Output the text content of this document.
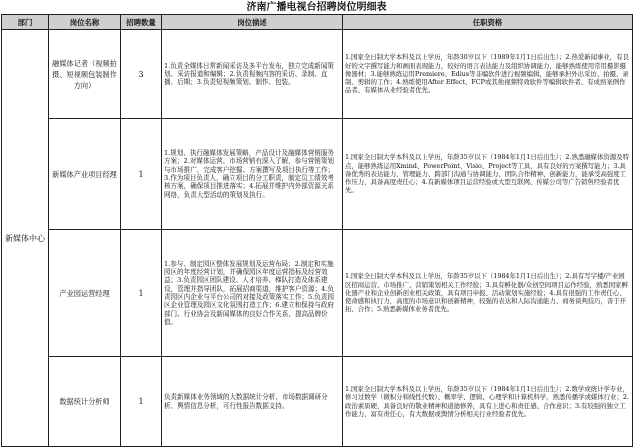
济南广播电视台招聘岗位明细表
部门	岗位名称	招聘数量	岗位描述	任职资格
新媒体中心	融媒体记者（视频拍摄、短视频包装制作方向）	3	1.负责全媒体日常新闻采访及多平台发布，独立完成新闻策划、采访报道和编辑；2.负责视频内容的采访、录制、直播、后期；3.负责短视频策划、制作、包装。	1.国家全日制大学本科及以上学历，年龄30岁以下（1989年1月1日后出生）；2.热爱新闻事业，有良好的文字撰写能力和画面表现能力，较好的语言表达能力及组织协调能力，能够熟练使用常用摄影摄像器材；3.能够熟练运用Premiere、Edius等非编软件进行视频编辑，能够承担外出采访、拍摄、录制、剪辑的工作；4.熟练使用After Effect、FCP或其他视频特效软件等编辑软件者、有成熟案例作品者、有媒体从业经验者优先。

	新媒体产业项目经理	1	1.规划、执行融媒体发展策略，产品设计及融媒体营销服务方案；2.对媒体运营、市场营销有深入了解，参与营销策划与市场推广，完成客户挖掘、方案撰写及项目执行等工作；3.作为项目负责人，确立项目的分工职责，制定员工绩效考核方案，确保项目推进落实；4.拓展并维护内外部资源关系网络，负责大型活动的策划及执行。	1.国家全日制大学本科及以上学历，年龄35岁以下（1984年1月1日后出生）；2.熟悉融媒体资源及特点，能够熟练运用Xmind、PowerPoint、Visio、Project等工具，具有良好的方案撰写能力；3.具备优秀的表达能力、管理能力、跨部门沟通与协调能力、团队合作精神、创新能力，能承受高强度工作压力，具备高度责任心；4.有新媒体项目运营经验或大型互联网、传媒公司等广告销售经验者优先。

	产业园运营经理	1	1.参与、制定园区整体发展规划及运营布局；2.制定和实施园区的年度经营计划，并确保园区年度运营指标及经营效益；3.负责园区团队建设、人才培养、梯队打造及体系建设，管理并指导团队，拓展招商渠道，维护客户资源；4.负责园区内企业与平台公司的对接及政策落实工作；5.负责园区企业管理及园区文化氛围打造工作；6.建立和保持与政府部门、行业协会及新闻媒体的良好合作关系，提高品牌价值。	1.国家全日制大学本科及以上学历，年龄35岁以下（1984年1月1日后出生）；2.具有写字楼/产业园区招商运营、市场推广、营销策划相关工作经验；3.具有孵化器/众创空间项目运作经验，熟悉国家孵化器产业和企业创新创业相关政策，具有项目申报、活动策划实施经验；4.具有很强的工作责任心、使命感和执行力，高度的市场意识和创新精神，较强的表达和人际沟通能力、商务谈判技巧，善于开拓、合作；5.熟悉新媒体业务者优先。

	数据统计分析师	1	负责新媒体业务领域的大数据统计分析、市场数据调研分析、舆情信息分析，可行性报告数据支持。	1.国家全日制大学本科及以上学历，年龄35岁以下（1984年1月1日后出生）；2.数学或统计学专业，修习过数学（微积分和线性代数）、概率学、逻辑、心理学和计算机科学，熟悉传播学或媒体行业；2.政治素质硬，具备良好的敬业精神和道德修养，具有上进心和责任感、合作意识；3.有较强的独立工作能力，富有责任心，有大数据或舆情分析相关行业经验者优先。
